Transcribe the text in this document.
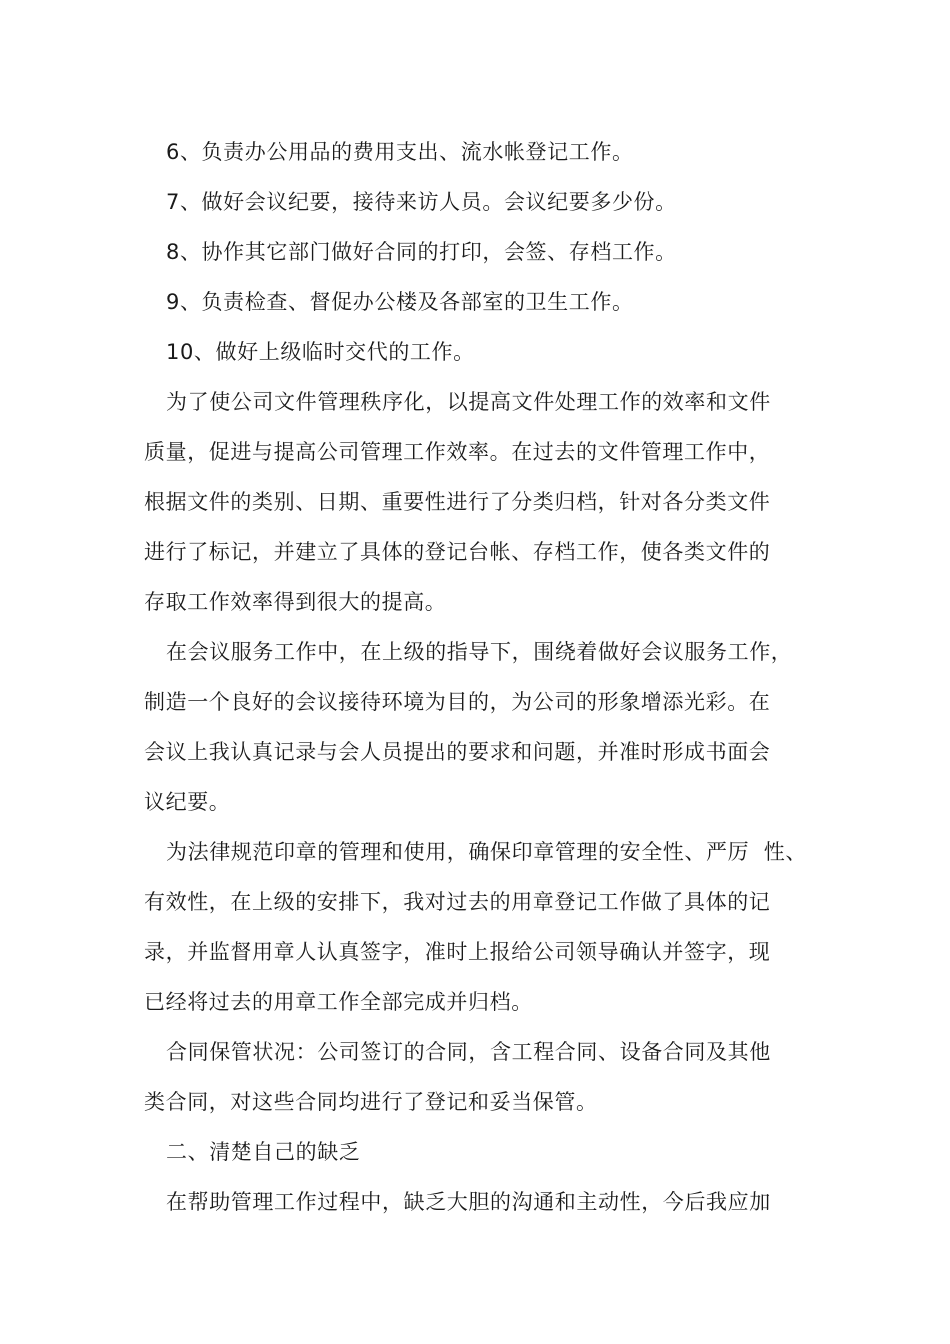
6、负责办公用品的费用支出、流水帐登记工作。
7、做好会议纪要，接待来访人员。会议纪要多少份。
8、协作其它部门做好合同的打印，会签、存档工作。
9、负责检查、督促办公楼及各部室的卫生工作。
10、做好上级临时交代的工作。
为了使公司文件管理秩序化，以提高文件处理工作的效率和文件
质量，促进与提高公司管理工作效率。在过去的文件管理工作中，
根据文件的类别、日期、重要性进行了分类归档，针对各分类文件
进行了标记，并建立了具体的登记台帐、存档工作，使各类文件的
存取工作效率得到很大的提高。
在会议服务工作中，在上级的指导下，围绕着做好会议服务工作，
制造一个良好的会议接待环境为目的，为公司的形象增添光彩。在
会议上我认真记录与会人员提出的要求和问题，并准时形成书面会
议纪要。
为法律规范印章的管理和使用，确保印章管理的安全性、严厉  性、
有效性，在上级的安排下，我对过去的用章登记工作做了具体的记
录，并监督用章人认真签字，准时上报给公司领导确认并签字，现
已经将过去的用章工作全部完成并归档。
合同保管状况：公司签订的合同，含工程合同、设备合同及其他
类合同，对这些合同均进行了登记和妥当保管。
二、清楚自己的缺乏
在帮助管理工作过程中，缺乏大胆的沟通和主动性，今后我应加
